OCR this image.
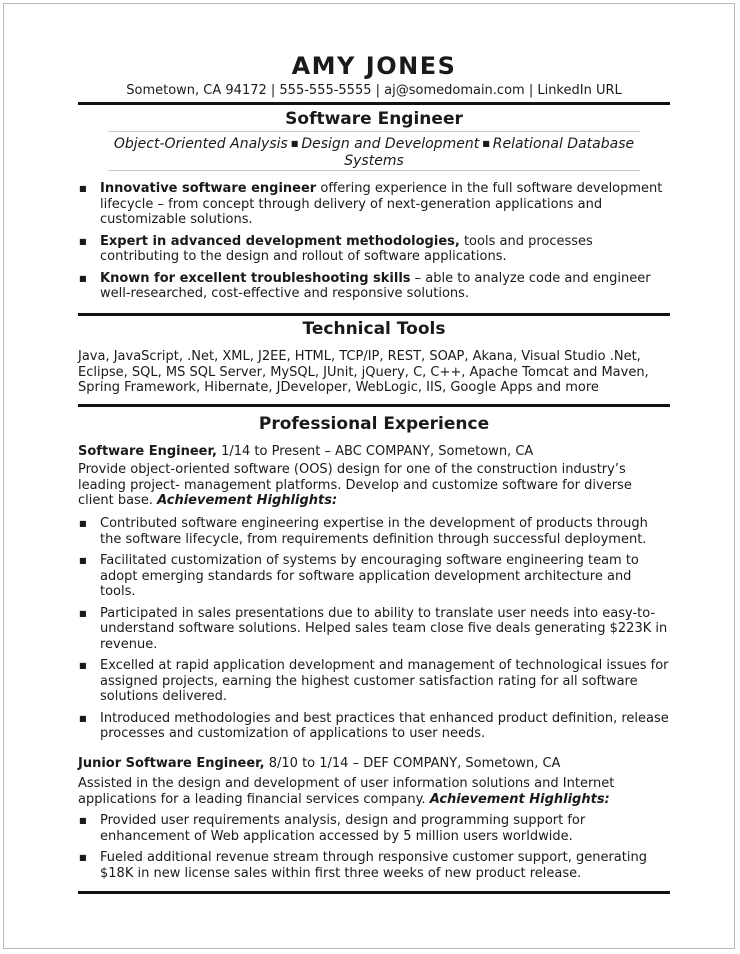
AMY JONES
Sometown, CA 94172 | 555-555-5555 | aj@somedomain.com | LinkedIn URL
Software Engineer
Object-Oriented Analysis ■ Design and Development ■ Relational Database Systems
■ Innovative software engineer offering experience in the full software development lifecycle – from concept through delivery of next-generation applications and customizable solutions.
■ Expert in advanced development methodologies, tools and processes contributing to the design and rollout of software applications.
■ Known for excellent troubleshooting skills – able to analyze code and engineer well-researched, cost-effective and responsive solutions.
Technical Tools
Java, JavaScript, .Net, XML, J2EE, HTML, TCP/IP, REST, SOAP, Akana, Visual Studio .Net, Eclipse, SQL, MS SQL Server, MySQL, JUnit, jQuery, C, C++, Apache Tomcat and Maven, Spring Framework, Hibernate, JDeveloper, WebLogic, IIS, Google Apps and more
Professional Experience
Software Engineer, 1/14 to Present – ABC COMPANY, Sometown, CA
Provide object-oriented software (OOS) design for one of the construction industry’s leading project- management platforms. Develop and customize software for diverse client base. Achievement Highlights:
■ Contributed software engineering expertise in the development of products through the software lifecycle, from requirements definition through successful deployment.
■ Facilitated customization of systems by encouraging software engineering team to adopt emerging standards for software application development architecture and tools.
■ Participated in sales presentations due to ability to translate user needs into easy-to-understand software solutions. Helped sales team close five deals generating $223K in revenue.
■ Excelled at rapid application development and management of technological issues for assigned projects, earning the highest customer satisfaction rating for all software solutions delivered.
■ Introduced methodologies and best practices that enhanced product definition, release processes and customization of applications to user needs.
Junior Software Engineer, 8/10 to 1/14 – DEF COMPANY, Sometown, CA
Assisted in the design and development of user information solutions and Internet applications for a leading financial services company. Achievement Highlights:
■ Provided user requirements analysis, design and programming support for enhancement of Web application accessed by 5 million users worldwide.
■ Fueled additional revenue stream through responsive customer support, generating $18K in new license sales within first three weeks of new product release.
